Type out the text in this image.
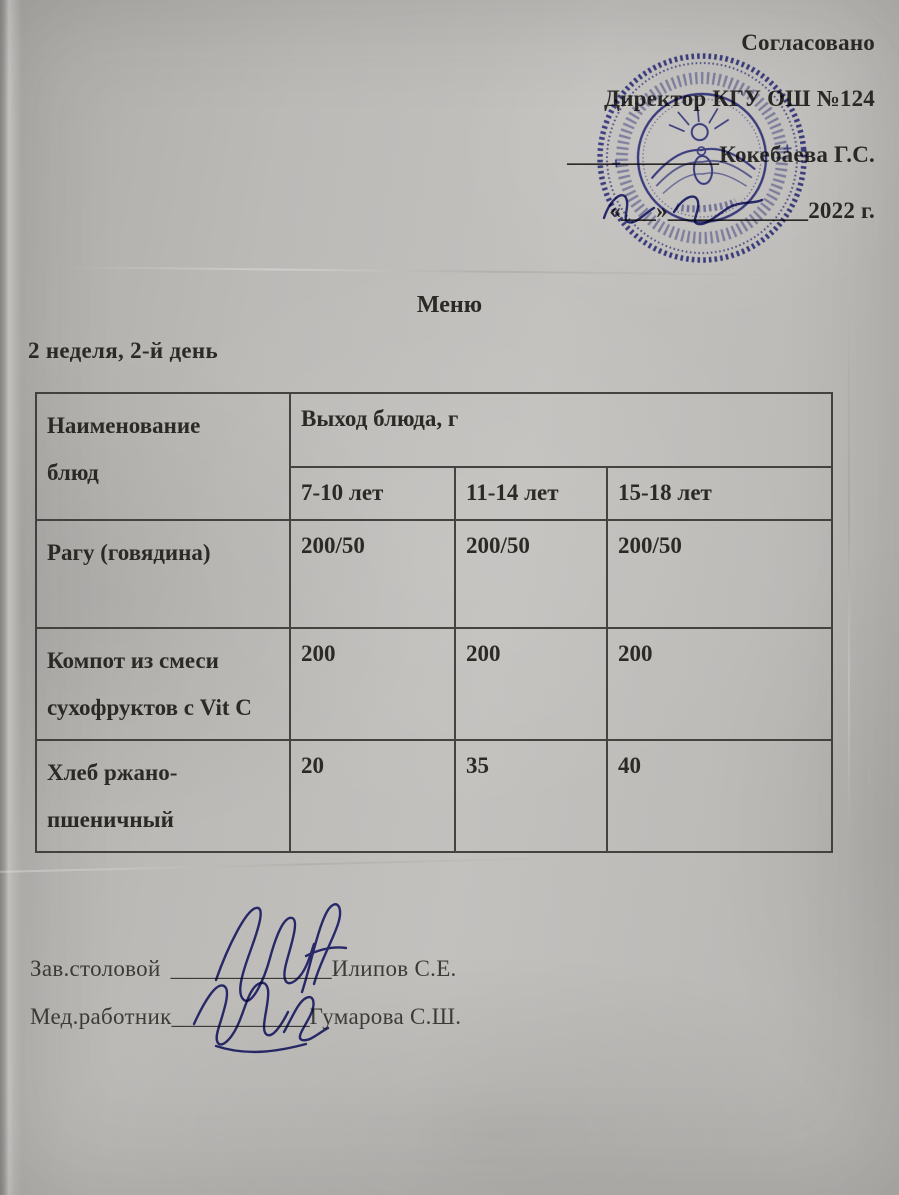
Согласовано
Директор КГУ ОШ №124
_____________Кокебаева Г.С.
«___»____________2022 г.
Меню
2 неделя, 2-й день
Наименование блюд	Выход блюда, г		
	7-10 лет	11-14 лет	15-18 лет
Рагу (говядина)	200/50	200/50	200/50
Компот из смеси сухофруктов с Vit C	200	200	200
Хлеб ржано-пшеничный	20	35	40
Зав.столовой ______________Илипов С.Е.
Мед.работник____________Гумарова С.Ш.
